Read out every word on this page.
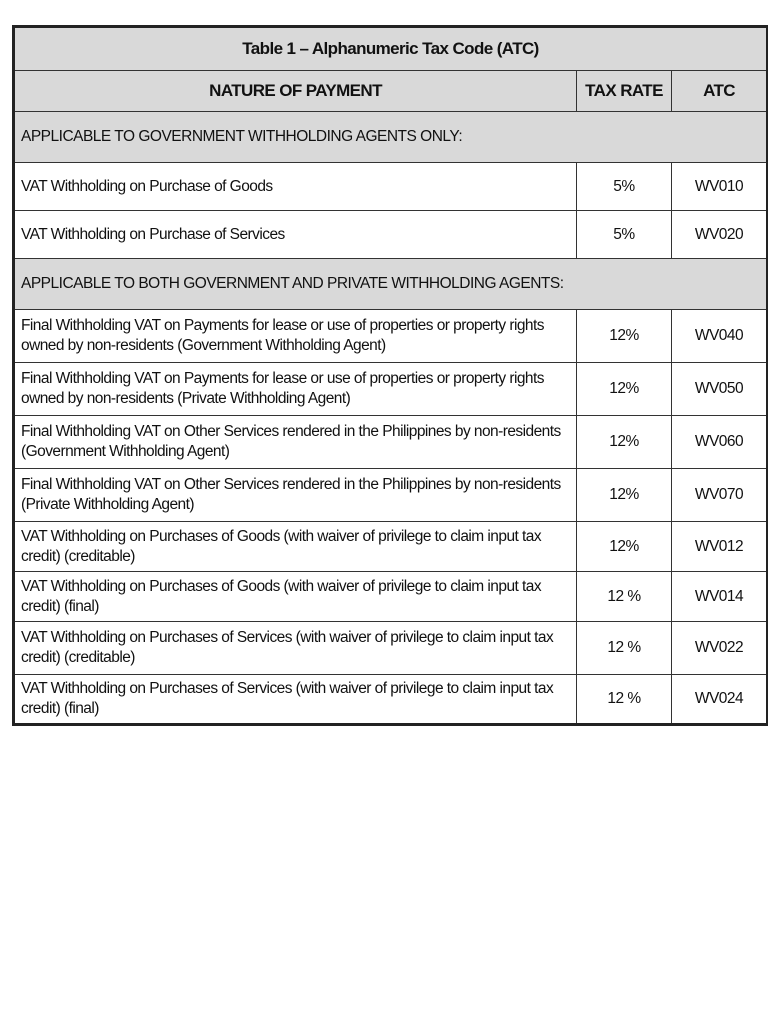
Table 1 – Alphanumeric Tax Code (ATC)		
NATURE OF PAYMENT	TAX RATE	ATC
APPLICABLE TO GOVERNMENT WITHHOLDING AGENTS ONLY:		
VAT Withholding on Purchase of Goods	5%	WV010
VAT Withholding on Purchase of Services	5%	WV020
APPLICABLE TO BOTH GOVERNMENT AND PRIVATE WITHHOLDING AGENTS:		
Final Withholding VAT on Payments for lease or use of properties or property rights owned by non-residents (Government Withholding Agent)	12%	WV040
Final Withholding VAT on Payments for lease or use of properties or property rights owned by non-residents (Private Withholding Agent)	12%	WV050
Final Withholding VAT on Other Services rendered in the Philippines by non-residents (Government Withholding Agent)	12%	WV060
Final Withholding VAT on Other Services rendered in the Philippines by non-residents (Private Withholding Agent)	12%	WV070
VAT Withholding on Purchases of Goods (with waiver of privilege to claim input tax credit) (creditable)	12%	WV012
VAT Withholding on Purchases of Goods (with waiver of privilege to claim input tax credit) (final)	12 %	WV014
VAT Withholding on Purchases of Services (with waiver of privilege to claim input tax credit) (creditable)	12 %	WV022
VAT Withholding on Purchases of Services (with waiver of privilege to claim input tax credit) (final)	12 %	WV024
